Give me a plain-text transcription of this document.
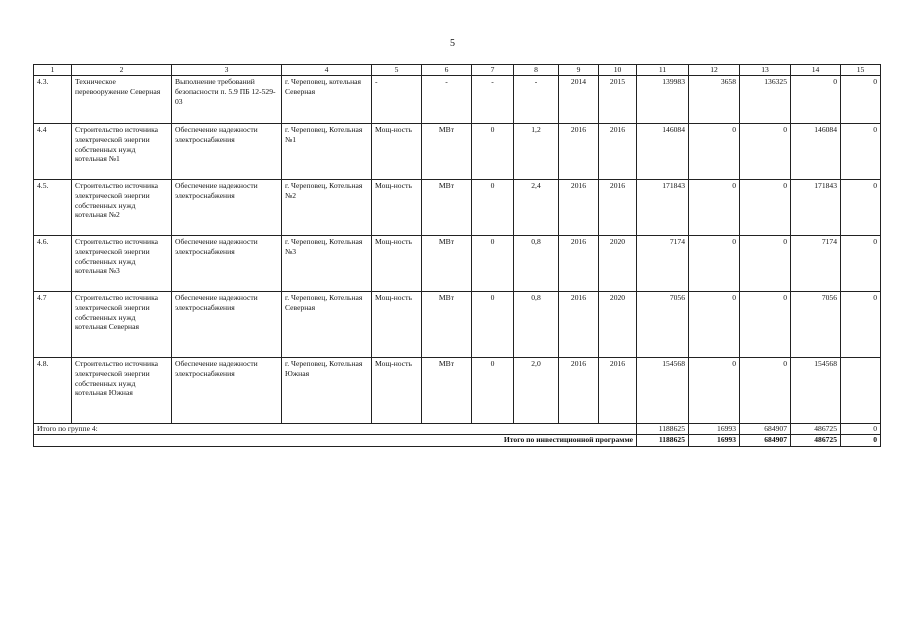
5
1	2	3	4	5	6	7	8	9	10	11	12	13	14	15
4.3.	Техническое перевооружение Северная	Выполнение требований безопасности п. 5.9 ПБ 12-529-03	г. Череповец, котельная Северная	-	-	-	-	2014	2015	139983	3658	136325	0	0
4.4	Строительство источника электрической энергии собственных нужд котельная №1	Обеспечение надежности электроснабжения	г. Череповец, Котельная №1	Мощ-ность	МВт	0	1,2	2016	2016	146084	0	0	146084	0
4.5.	Строительство источника электрической энергии собственных нужд котельная №2	Обеспечение надежности электроснабжения	г. Череповец, Котельная №2	Мощ-ность	МВт	0	2,4	2016	2016	171843	0	0	171843	0
4.6.	Строительство источника электрической энергии собственных нужд котельная №3	Обеспечение надежности электроснабжения	г. Череповец, Котельная №3	Мощ-ность	МВт	0	0,8	2016	2020	7174	0	0	7174	0
4.7	Строительство источника электрической энергии собственных нужд котельная Северная	Обеспечение надежности электроснабжения	г. Череповец, Котельная Северная	Мощ-ность	МВт	0	0,8	2016	2020	7056	0	0	7056	0
4.8.	Строительство источника электрической энергии собственных нужд котельная Южная	Обеспечение надежности электроснабжения	г. Череповец, Котельная Южная	Мощ-ность	МВт	0	2,0	2016	2016	154568	0	0	154568	
Итого по группе 4:										1188625	16993	684907	486725	0
Итого по инвестиционной программе										1188625	16993	684907	486725	0
